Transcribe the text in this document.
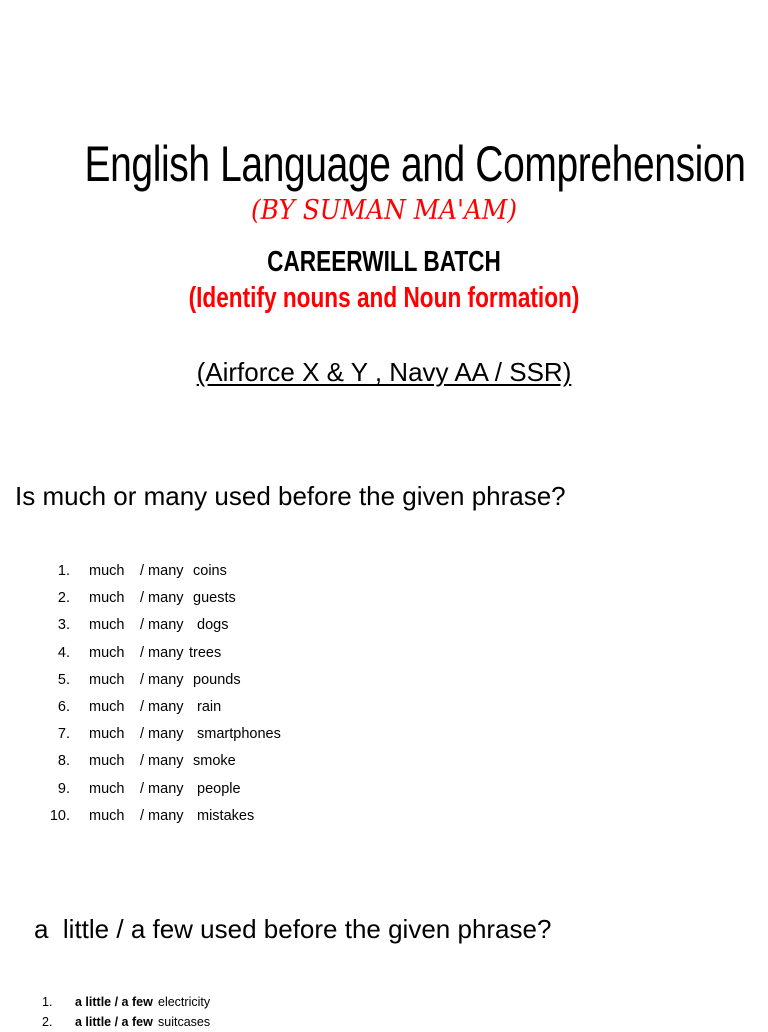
English Language and Comprehension
(BY SUMAN MA'AM)
CAREERWILL BATCH
(Identify nouns and Noun formation)
(Airforce X & Y , Navy AA / SSR)
Is much or many used before the given phrase?
1. much / many coins
2. much / many guests
3. much / many dogs
4. much / many trees
5. much / many pounds
6. much / many rain
7. much / many smartphones
8. much / many smoke
9. much / many people
10. much / many mistakes
a  little / a few used before the given phrase?
1. a little / a few electricity
2. a little / a few suitcases
